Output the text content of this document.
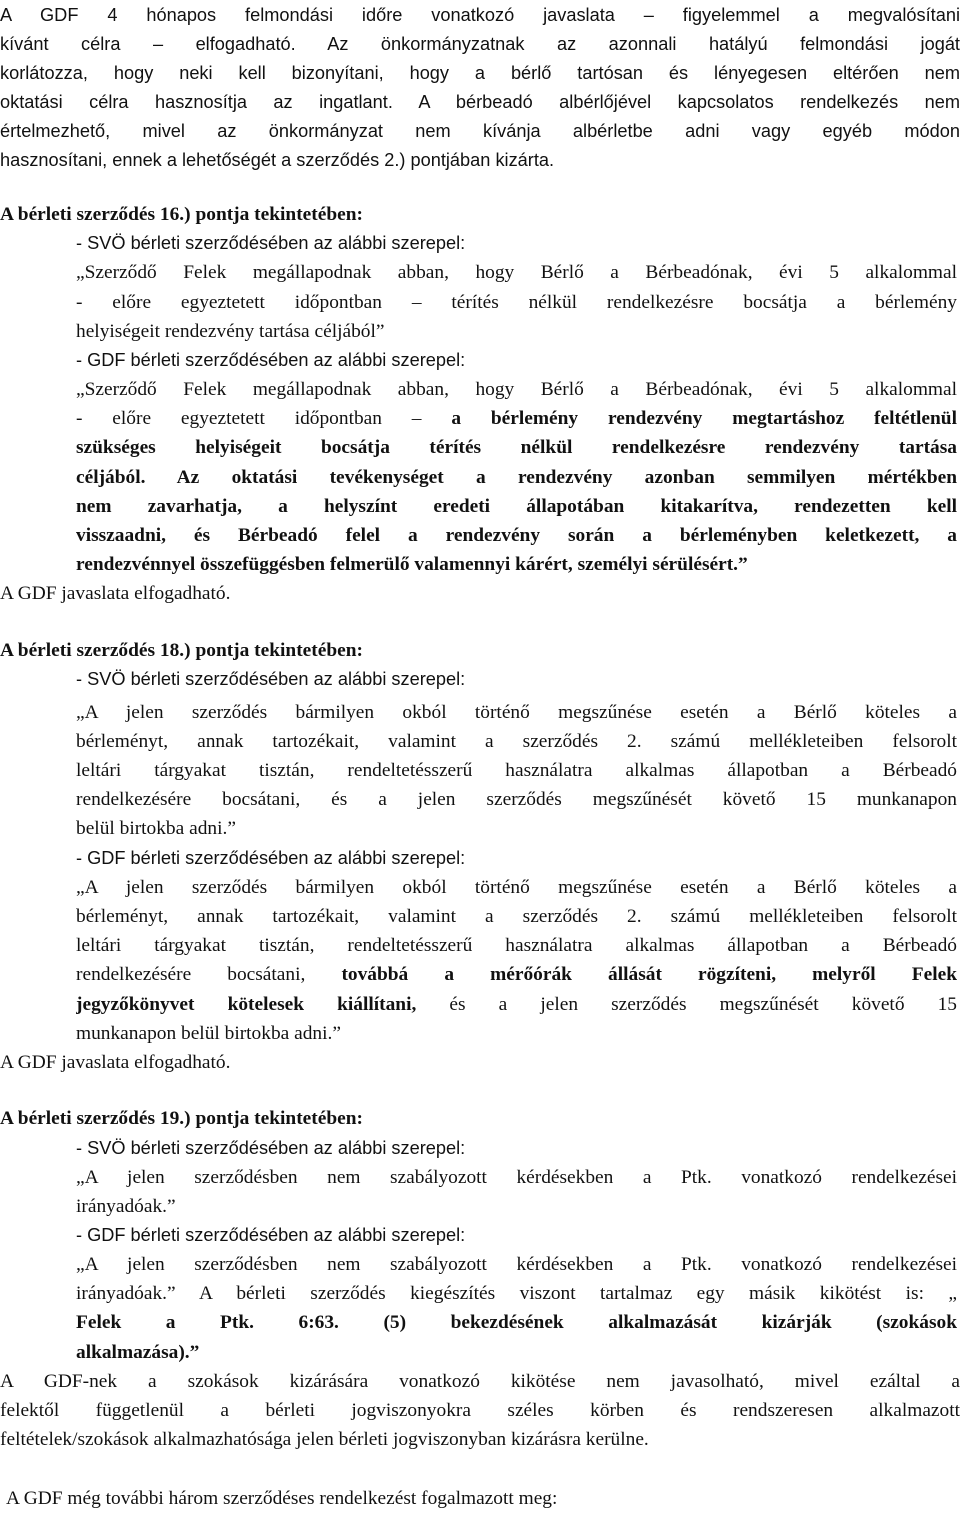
A GDF 4 hónapos felmondási időre vonatkozó javaslata – figyelemmel a megvalósítani
kívánt célra – elfogadható. Az önkormányzatnak az azonnali hatályú felmondási jogát
korlátozza, hogy neki kell bizonyítani, hogy a bérlő tartósan és lényegesen eltérően nem
oktatási célra hasznosítja az ingatlant. A bérbeadó albérlőjével kapcsolatos rendelkezés nem
értelmezhető, mivel az önkormányzat nem kívánja albérletbe adni vagy egyéb módon
hasznosítani, ennek a lehetőségét a szerződés 2.) pontjában kizárta.
A bérleti szerződés 16.) pontja tekintetében:
- SVÖ bérleti szerződésében az alábbi szerepel:
„Szerződő Felek megállapodnak abban, hogy Bérlő a Bérbeadónak, évi 5 alkalommal
- előre egyeztetett időpontban – térítés nélkül rendelkezésre bocsátja a bérlemény
helyiségeit rendezvény tartása céljából”
- GDF bérleti szerződésében az alábbi szerepel:
„Szerződő Felek megállapodnak abban, hogy Bérlő a Bérbeadónak, évi 5 alkalommal
- előre egyeztetett időpontban – a bérlemény rendezvény megtartáshoz feltétlenül
szükséges helyiségeit bocsátja térítés nélkül rendelkezésre rendezvény tartása
céljából. Az oktatási tevékenységet a rendezvény azonban semmilyen mértékben
nem zavarhatja, a helyszínt eredeti állapotában kitakarítva, rendezetten kell
visszaadni, és Bérbeadó felel a rendezvény során a bérleményben keletkezett, a
rendezvénnyel összefüggésben felmerülő valamennyi kárért, személyi sérülésért.”
A GDF javaslata elfogadható.
A bérleti szerződés 18.) pontja tekintetében:
- SVÖ bérleti szerződésében az alábbi szerepel:
„A jelen szerződés bármilyen okból történő megszűnése esetén a Bérlő köteles a
bérleményt, annak tartozékait, valamint a szerződés 2. számú mellékleteiben felsorolt
leltári tárgyakat tisztán, rendeltetésszerű használatra alkalmas állapotban a Bérbeadó
rendelkezésére bocsátani, és a jelen szerződés megszűnését követő 15 munkanapon
belül birtokba adni.”
- GDF bérleti szerződésében az alábbi szerepel:
„A jelen szerződés bármilyen okból történő megszűnése esetén a Bérlő köteles a
bérleményt, annak tartozékait, valamint a szerződés 2. számú mellékleteiben felsorolt
leltári tárgyakat tisztán, rendeltetésszerű használatra alkalmas állapotban a Bérbeadó
rendelkezésére bocsátani, továbbá a mérőórák állását rögzíteni, melyről Felek
jegyzőkönyvet kötelesek kiállítani, és a jelen szerződés megszűnését követő 15
munkanapon belül birtokba adni.”
A GDF javaslata elfogadható.
A bérleti szerződés 19.) pontja tekintetében:
- SVÖ bérleti szerződésében az alábbi szerepel:
„A jelen szerződésben nem szabályozott kérdésekben a Ptk. vonatkozó rendelkezései
irányadóak.”
- GDF bérleti szerződésében az alábbi szerepel:
„A jelen szerződésben nem szabályozott kérdésekben a Ptk. vonatkozó rendelkezései
irányadóak.” A bérleti szerződés kiegészítés viszont tartalmaz egy másik kikötést is: „
Felek a Ptk. 6:63. (5) bekezdésének alkalmazását kizárják (szokások
alkalmazása).”
A GDF-nek a szokások kizárására vonatkozó kikötése nem javasolható, mivel ezáltal a
felektől függetlenül a bérleti jogviszonyokra széles körben és rendszeresen alkalmazott
feltételek/szokások alkalmazhatósága jelen bérleti jogviszonyban kizárásra kerülne.
A GDF még további három szerződéses rendelkezést fogalmazott meg:
